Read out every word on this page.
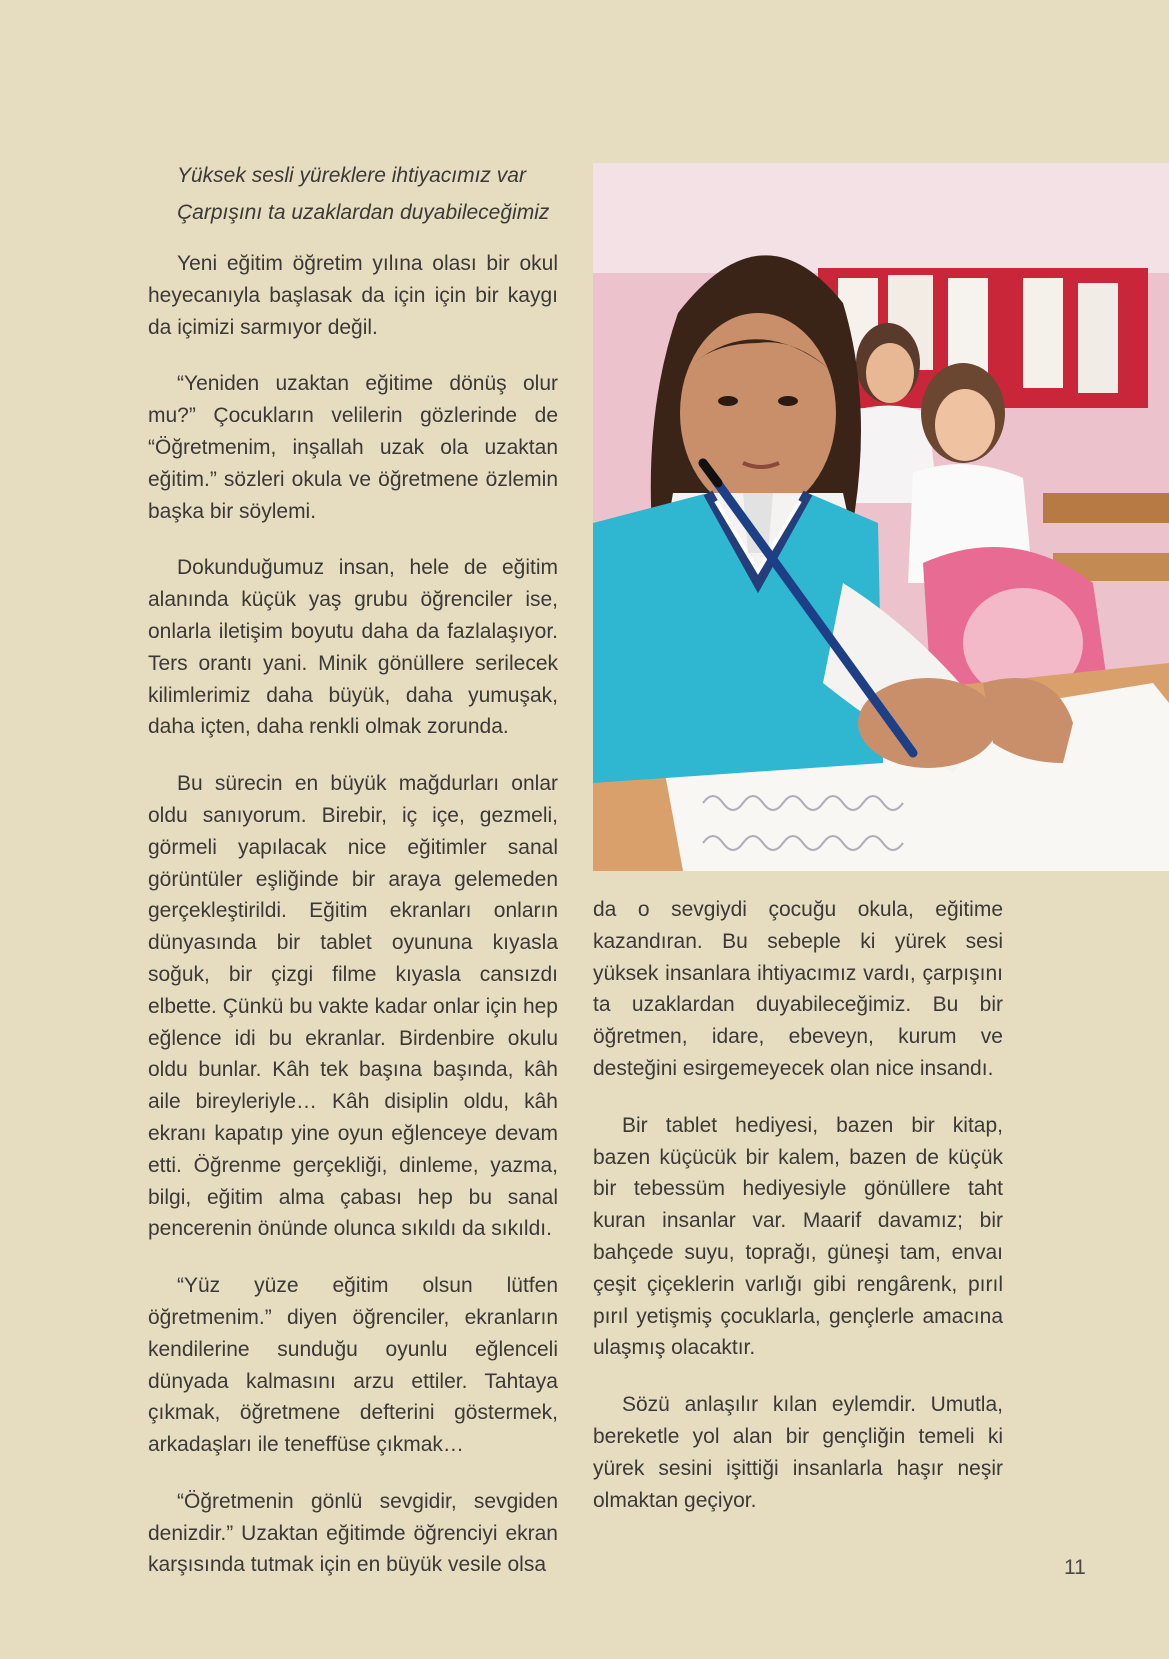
Yüksek sesli yüreklere ihtiyacımız var
Çarpışını ta uzaklardan duyabileceğimiz

Yeni eğitim öğretim yılına olası bir okul heyecanıyla başlasak da için için bir kaygı da içimizi sarmıyor değil.

“Yeniden uzaktan eğitime dönüş olur mu?” Çocukların velilerin gözlerinde de “Öğretmenim, inşallah uzak ola uzaktan eğitim.” sözleri okula ve öğretmene özlemin başka bir söylemi.

Dokunduğumuz insan, hele de eğitim alanında küçük yaş grubu öğrenciler ise, onlarla iletişim boyutu daha da fazlalaşıyor. Ters orantı yani. Minik gönüllere serilecek kilimlerimiz daha büyük, daha yumuşak, daha içten, daha renkli olmak zorunda.

Bu sürecin en büyük mağdurları onlar oldu sanıyorum. Birebir, iç içe, gezmeli, görmeli yapılacak nice eğitimler sanal görüntüler eşliğinde bir araya gelemeden gerçekleştirildi. Eğitim ekranları onların dünyasında bir tablet oyununa kıyasla soğuk, bir çizgi filme kıyasla cansızdı elbette. Çünkü bu vakte kadar onlar için hep eğlence idi bu ekranlar. Birdenbire okulu oldu bunlar. Kâh tek başına başında, kâh aile bireyleriyle… Kâh disiplin oldu, kâh ekranı kapatıp yine oyun eğlenceye devam etti. Öğrenme gerçekliği, dinleme, yazma, bilgi, eğitim alma çabası hep bu sanal pencerenin önünde olunca sıkıldı da sıkıldı.

“Yüz yüze eğitim olsun lütfen öğretmenim.” diyen öğrenciler, ekranların kendilerine sunduğu oyunlu eğlenceli dünyada kalmasını arzu ettiler. Tahtaya çıkmak, öğretmene defterini göstermek, arkadaşları ile teneffüse çıkmak…

“Öğretmenin gönlü sevgidir, sevgiden denizdir.” Uzaktan eğitimde öğrenciyi ekran karşısında tutmak için en büyük vesile olsa

da o sevgiydi çocuğu okula, eğitime kazandıran. Bu sebeple ki yürek sesi yüksek insanlara ihtiyacımız vardı, çarpışını ta uzaklardan duyabileceğimiz. Bu bir öğretmen, idare, ebeveyn, kurum ve desteğini esirgemeyecek olan nice insandı.

Bir tablet hediyesi, bazen bir kitap, bazen küçücük bir kalem, bazen de küçük bir tebessüm hediyesiyle gönüllere taht kuran insanlar var. Maarif davamız; bir bahçede suyu, toprağı, güneşi tam, envaı çeşit çiçeklerin varlığı gibi rengârenk, pırıl pırıl yetişmiş çocuklarla, gençlerle amacına ulaşmış olacaktır.

Sözü anlaşılır kılan eylemdir. Umutla, bereketle yol alan bir gençliğin temeli ki yürek sesini işittiği insanlarla haşır neşir olmaktan geçiyor.

11
